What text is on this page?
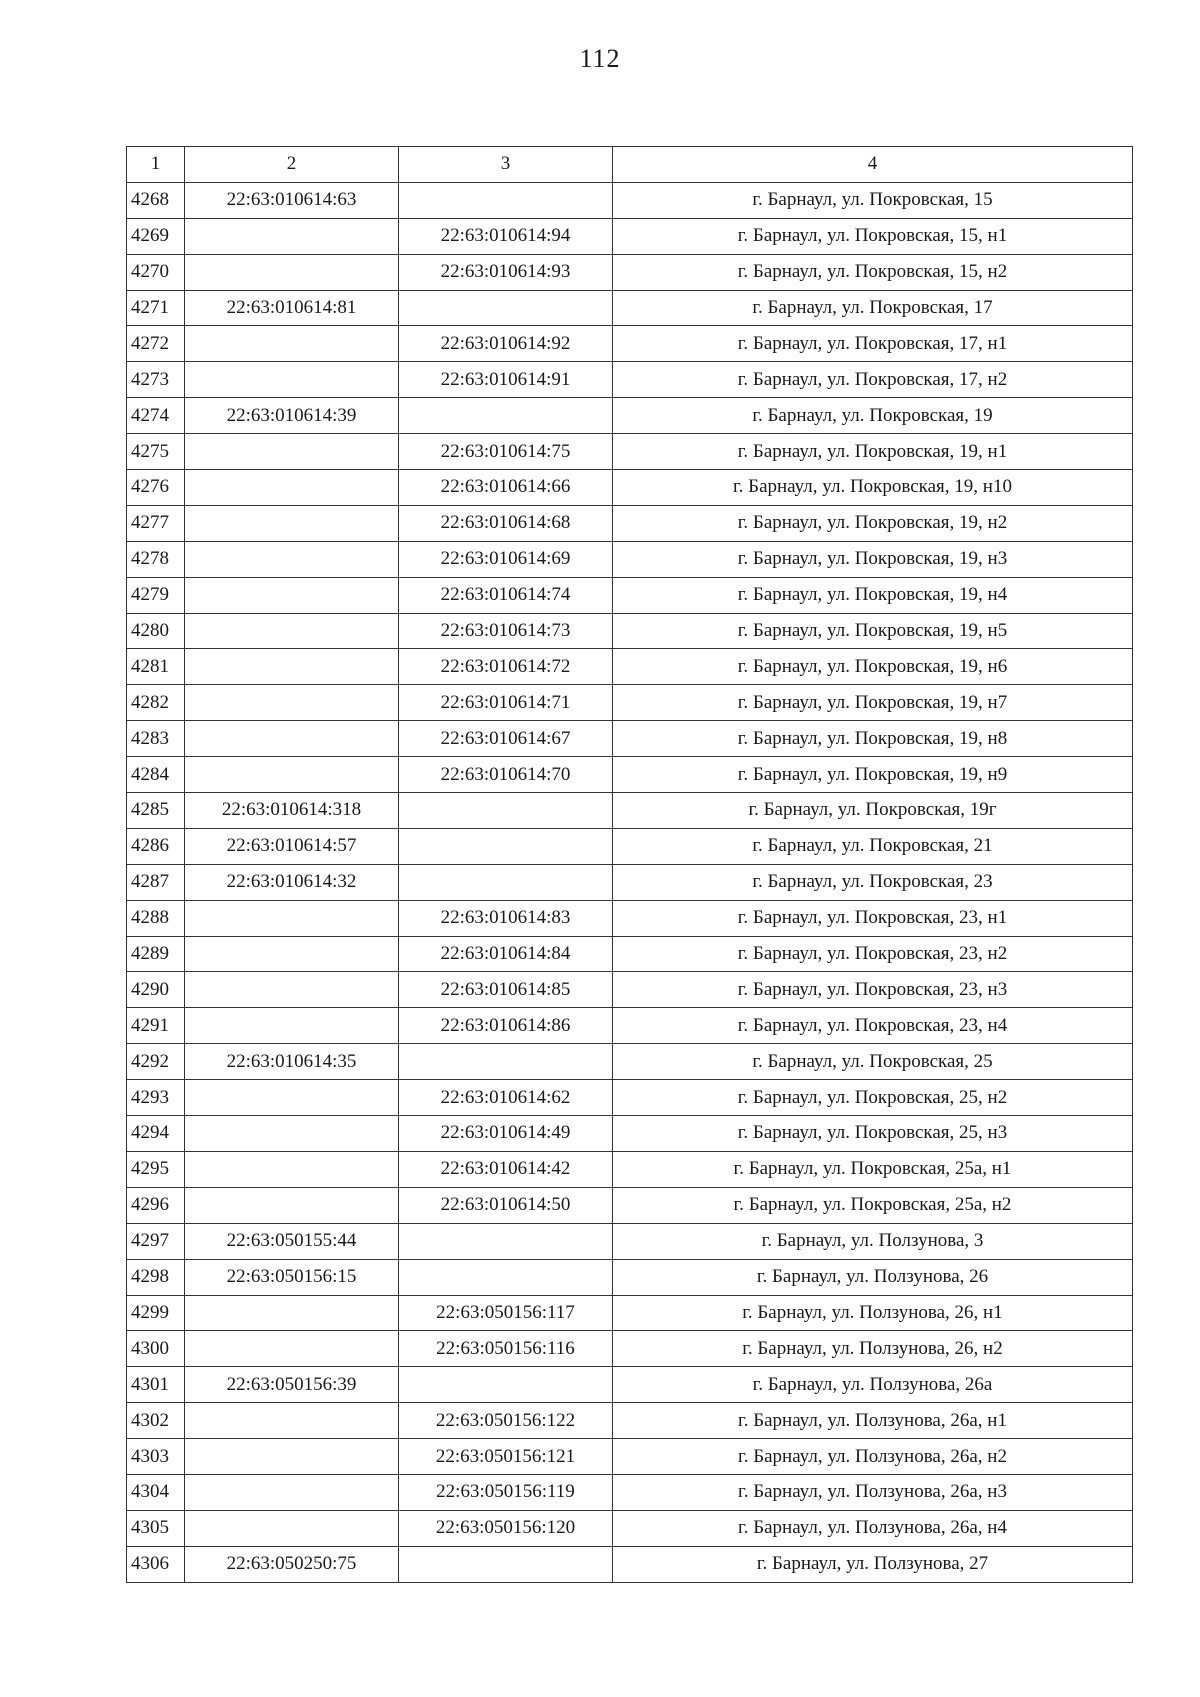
112
1	2	3	4
4268	22:63:010614:63		г. Барнаул, ул. Покровская, 15
4269		22:63:010614:94	г. Барнаул, ул. Покровская, 15, н1
4270		22:63:010614:93	г. Барнаул, ул. Покровская, 15, н2
4271	22:63:010614:81		г. Барнаул, ул. Покровская, 17
4272		22:63:010614:92	г. Барнаул, ул. Покровская, 17, н1
4273		22:63:010614:91	г. Барнаул, ул. Покровская, 17, н2
4274	22:63:010614:39		г. Барнаул, ул. Покровская, 19
4275		22:63:010614:75	г. Барнаул, ул. Покровская, 19, н1
4276		22:63:010614:66	г. Барнаул, ул. Покровская, 19, н10
4277		22:63:010614:68	г. Барнаул, ул. Покровская, 19, н2
4278		22:63:010614:69	г. Барнаул, ул. Покровская, 19, н3
4279		22:63:010614:74	г. Барнаул, ул. Покровская, 19, н4
4280		22:63:010614:73	г. Барнаул, ул. Покровская, 19, н5
4281		22:63:010614:72	г. Барнаул, ул. Покровская, 19, н6
4282		22:63:010614:71	г. Барнаул, ул. Покровская, 19, н7
4283		22:63:010614:67	г. Барнаул, ул. Покровская, 19, н8
4284		22:63:010614:70	г. Барнаул, ул. Покровская, 19, н9
4285	22:63:010614:318		г. Барнаул, ул. Покровская, 19г
4286	22:63:010614:57		г. Барнаул, ул. Покровская, 21
4287	22:63:010614:32		г. Барнаул, ул. Покровская, 23
4288		22:63:010614:83	г. Барнаул, ул. Покровская, 23, н1
4289		22:63:010614:84	г. Барнаул, ул. Покровская, 23, н2
4290		22:63:010614:85	г. Барнаул, ул. Покровская, 23, н3
4291		22:63:010614:86	г. Барнаул, ул. Покровская, 23, н4
4292	22:63:010614:35		г. Барнаул, ул. Покровская, 25
4293		22:63:010614:62	г. Барнаул, ул. Покровская, 25, н2
4294		22:63:010614:49	г. Барнаул, ул. Покровская, 25, н3
4295		22:63:010614:42	г. Барнаул, ул. Покровская, 25а, н1
4296		22:63:010614:50	г. Барнаул, ул. Покровская, 25а, н2
4297	22:63:050155:44		г. Барнаул, ул. Ползунова, 3
4298	22:63:050156:15		г. Барнаул, ул. Ползунова, 26
4299		22:63:050156:117	г. Барнаул, ул. Ползунова, 26, н1
4300		22:63:050156:116	г. Барнаул, ул. Ползунова, 26, н2
4301	22:63:050156:39		г. Барнаул, ул. Ползунова, 26а
4302		22:63:050156:122	г. Барнаул, ул. Ползунова, 26а, н1
4303		22:63:050156:121	г. Барнаул, ул. Ползунова, 26а, н2
4304		22:63:050156:119	г. Барнаул, ул. Ползунова, 26а, н3
4305		22:63:050156:120	г. Барнаул, ул. Ползунова, 26а, н4
4306	22:63:050250:75		г. Барнаул, ул. Ползунова, 27
